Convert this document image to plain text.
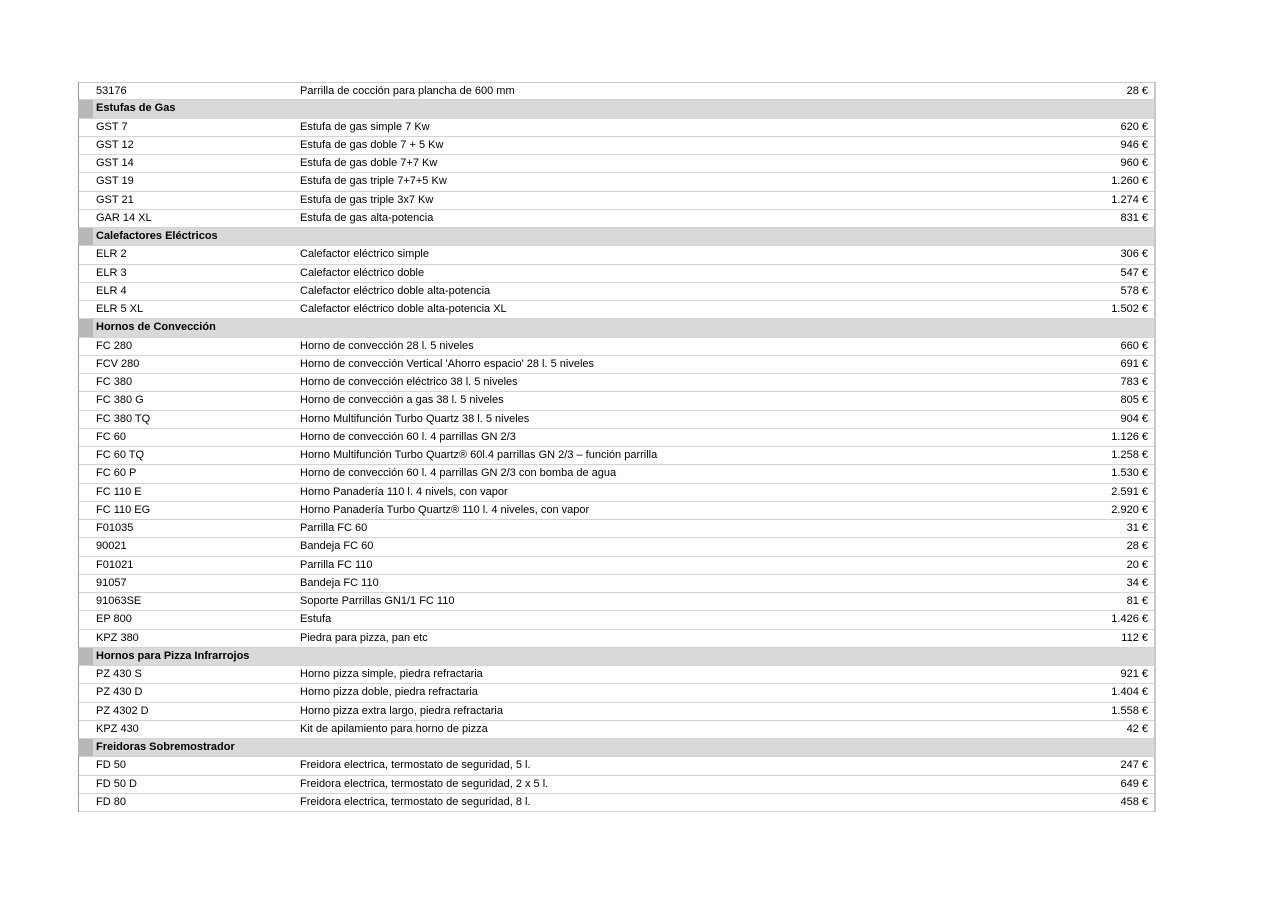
53176	Parrilla de cocción para plancha de 600 mm	28 €
Estufas de Gas
GST 7	Estufa de gas simple 7 Kw	620 €
GST 12	Estufa de gas doble 7 + 5 Kw	946 €
GST 14	Estufa de gas doble 7+7 Kw	960 €
GST 19	Estufa de gas triple 7+7+5 Kw	1.260 €
GST 21	Estufa de gas triple 3x7 Kw	1.274 €
GAR 14 XL	Estufa de gas alta-potencia	831 €
Calefactores Eléctricos
ELR 2	Calefactor eléctrico simple	306 €
ELR 3	Calefactor eléctrico doble	547 €
ELR 4	Calefactor eléctrico doble alta-potencia	578 €
ELR 5 XL	Calefactor eléctrico doble alta-potencia XL	1.502 €
Hornos de Convección
FC 280	Horno de convección 28 l. 5 niveles	660 €
FCV 280	Horno de convección Vertical 'Ahorro espacio' 28 l. 5 niveles	691 €
FC 380	Horno de convección eléctrico 38 l. 5 niveles	783 €
FC 380 G	Horno de convección a gas 38 l. 5 niveles	805 €
FC 380 TQ	Horno Multifunción Turbo Quartz 38 l. 5 niveles	904 €
FC 60	Horno de convección 60 l. 4 parrillas GN 2/3	1.126 €
FC 60 TQ	Horno Multifunción Turbo Quartz® 60l.4 parrillas GN 2/3 – función parrilla	1.258 €
FC 60 P	Horno de convección 60 l. 4 parrillas GN 2/3 con bomba de agua	1.530 €
FC 110 E	Horno Panadería 110 l. 4 nivels, con vapor	2.591 €
FC 110 EG	Horno Panadería Turbo Quartz® 110 l. 4 niveles, con vapor	2.920 €
F01035	Parrilla FC 60	31 €
90021	Bandeja FC 60	28 €
F01021	Parrilla FC 110	20 €
91057	Bandeja FC 110	34 €
91063SE	Soporte Parrillas GN1/1 FC 110	81 €
EP 800	Estufa	1.426 €
KPZ 380	Piedra para pizza, pan etc	112 €
Hornos para Pizza Infrarrojos
PZ 430 S	Horno pizza simple, piedra refractaria	921 €
PZ 430 D	Horno pizza doble, piedra refractaria	1.404 €
PZ 4302 D	Horno pizza extra largo, piedra refractaria	1.558 €
KPZ 430	Kit de apilamiento para horno de pizza	42 €
Freidoras Sobremostrador
FD 50	Freidora electrica, termostato de seguridad, 5 l.	247 €
FD 50 D	Freidora electrica, termostato de seguridad, 2 x 5 l.	649 €
FD 80	Freidora electrica, termostato de seguridad, 8 l.	458 €
